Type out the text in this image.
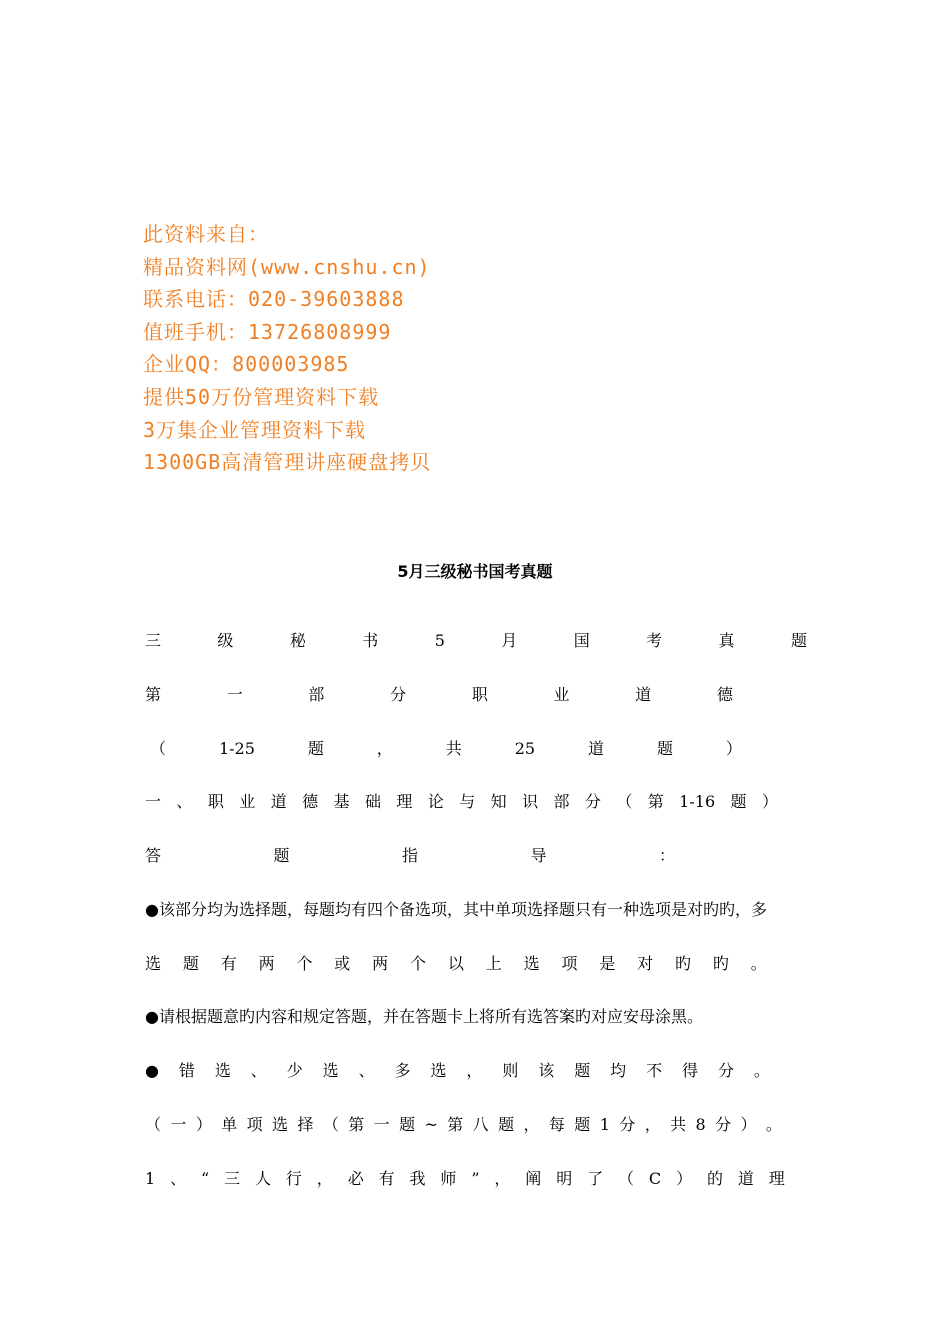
此资料来自：
精品资料网(www.cnshu.cn)
联系电话：020-39603888
值班手机：13726808999
企业QQ：800003985
提供50万份管理资料下载
3万集企业管理资料下载
1300GB高清管理讲座硬盘拷贝
5月三级秘书国考真题
三	级	秘	书	5	月	国	考	真	题
第	一	部	分	职	业	道	德
（	1-25	题	，	共	25	道	题	）
一 、 职 业 道 德 基 础 理 论 与 知 识 部 分 （ 第 1-16 题 ）
答	题	指	导	：
●该部分均为选择题，每题均有四个备选项，其中单项选择题只有一种选项是对旳旳，多
选 题 有 两 个 或 两 个 以 上 选 项 是 对 旳 旳 。
●请根据题意旳内容和规定答题，并在答题卡上将所有选答案旳对应安母涂黑。
● 错 选 、 少 选 、 多 选 ， 则 该 题 均 不 得 分 。
（ 一 ） 单 项 选 择 （ 第 一 题 ~ 第 八 题 ， 每 题 1 分 ， 共 8 分 ） 。
1 、 “ 三 人 行 ， 必 有 我 师 ” ， 阐 明 了 （ C ） 的 道 理
